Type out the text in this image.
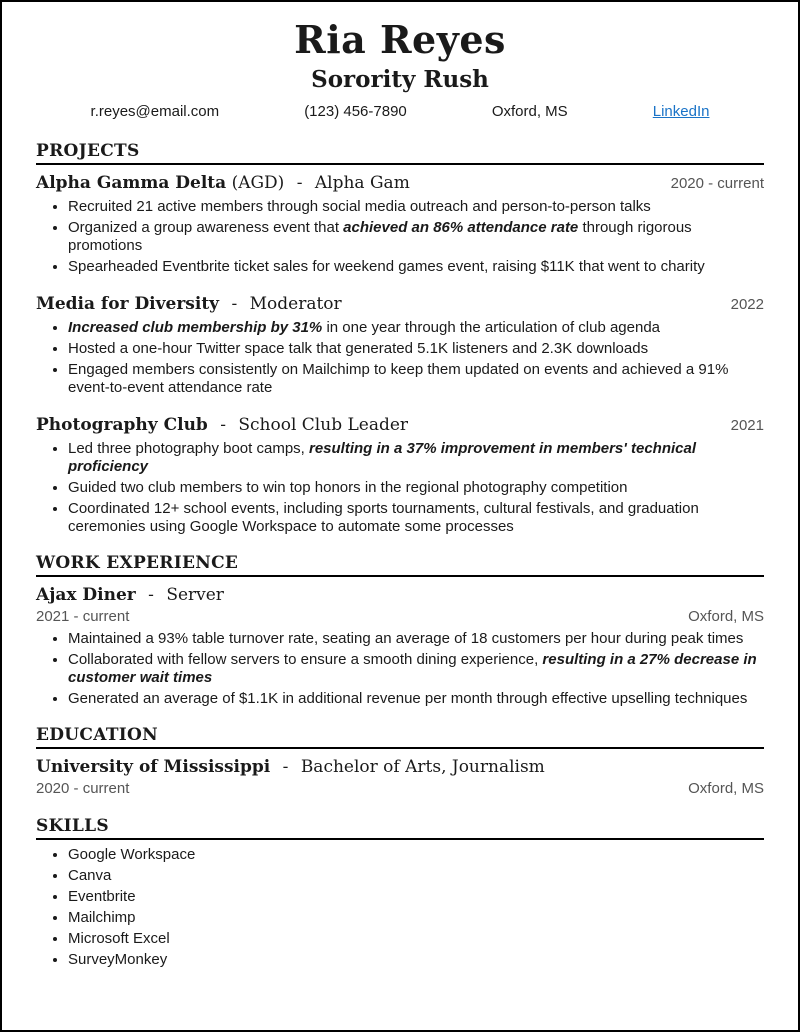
Ria Reyes
Sorority Rush
r.reyes@email.com	(123) 456-7890	Oxford, MS	LinkedIn
PROJECTS
Alpha Gamma Delta (AGD) - Alpha Gam	2020 - current
• Recruited 21 active members through social media outreach and person-to-person talks
• Organized a group awareness event that achieved an 86% attendance rate through rigorous promotions
• Spearheaded Eventbrite ticket sales for weekend games event, raising $11K that went to charity
Media for Diversity - Moderator	2022
• Increased club membership by 31% in one year through the articulation of club agenda
• Hosted a one-hour Twitter space talk that generated 5.1K listeners and 2.3K downloads
• Engaged members consistently on Mailchimp to keep them updated on events and achieved a 91% event-to-event attendance rate
Photography Club - School Club Leader	2021
• Led three photography boot camps, resulting in a 37% improvement in members' technical proficiency
• Guided two club members to win top honors in the regional photography competition
• Coordinated 12+ school events, including sports tournaments, cultural festivals, and graduation ceremonies using Google Workspace to automate some processes
WORK EXPERIENCE
Ajax Diner - Server
2021 - current	Oxford, MS
• Maintained a 93% table turnover rate, seating an average of 18 customers per hour during peak times
• Collaborated with fellow servers to ensure a smooth dining experience, resulting in a 27% decrease in customer wait times
• Generated an average of $1.1K in additional revenue per month through effective upselling techniques
EDUCATION
University of Mississippi - Bachelor of Arts, Journalism
2020 - current	Oxford, MS
SKILLS
• Google Workspace
• Canva
• Eventbrite
• Mailchimp
• Microsoft Excel
• SurveyMonkey
